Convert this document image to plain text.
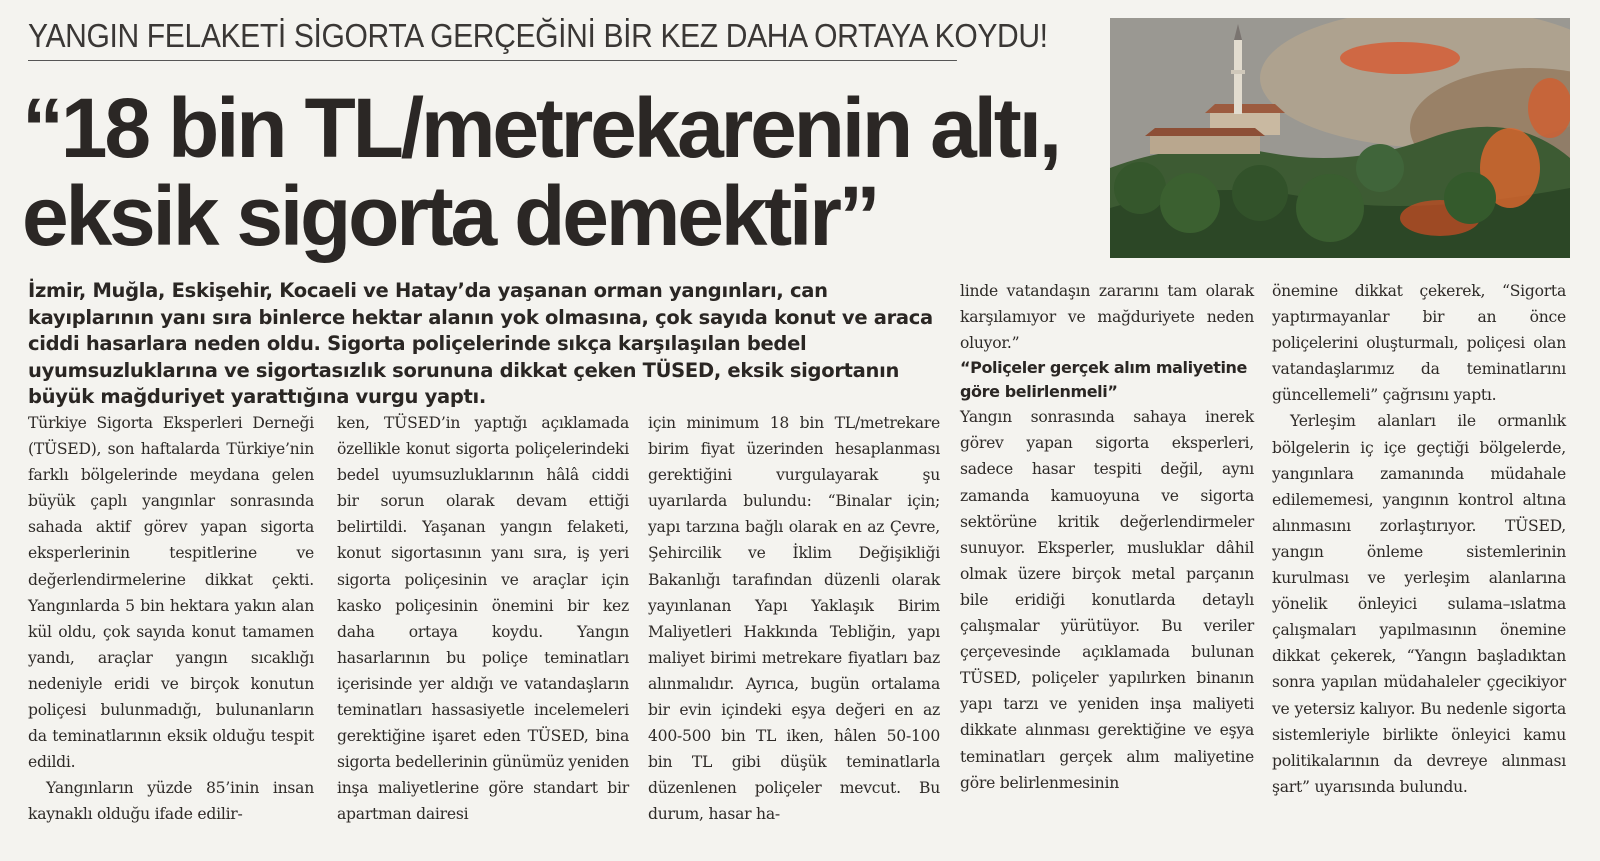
YANGIN FELAKETİ SİGORTA GERÇEĞİNİ BİR KEZ DAHA ORTAYA KOYDU!
“18 bin TL/metrekarenin altı,
eksik sigorta demektir”

İzmir, Muğla, Eskişehir, Kocaeli ve Hatay’da yaşanan orman yangınları, can kayıplarının yanı sıra binlerce hektar alanın yok olmasına, çok sayıda konut ve araca ciddi hasarlara neden oldu. Sigorta poliçelerinde sıkça karşılaşılan bedel uyumsuzluklarına ve sigortasızlık sorununa dikkat çeken TÜSED, eksik sigortanın büyük mağduriyet yarattığına vurgu yaptı.

Türkiye Sigorta Eksperleri Derneği (TÜSED), son haftalarda Türkiye’nin farklı bölgelerinde meydana gelen büyük çaplı yangınlar sonrasında sahada aktif görev yapan sigorta eksperlerinin tespitlerine ve değerlendirmelerine dikkat çekti. Yangınlarda 5 bin hektara yakın alan kül oldu, çok sayıda konut tamamen yandı, araçlar yangın sıcaklığı nedeniyle eridi ve birçok konutun poliçesi bulunmadığı, bulunanların da teminatlarının eksik olduğu tespit edildi.

Yangınların yüzde 85’inin insan kaynaklı olduğu ifade edilir-

ken, TÜSED’in yaptığı açıklamada özellikle konut sigorta poliçelerindeki bedel uyumsuzluklarının hâlâ ciddi bir sorun olarak devam ettiği belirtildi. Yaşanan yangın felaketi, konut sigortasının yanı sıra, iş yeri sigorta poliçesinin ve araçlar için kasko poliçesinin önemini bir kez daha ortaya koydu. Yangın hasarlarının bu poliçe teminatları içerisinde yer aldığı ve vatandaşların teminatları hassasiyetle incelemeleri gerektiğine işaret eden TÜSED, bina sigorta bedellerinin günümüz yeniden inşa maliyetlerine göre standart bir apartman dairesi

için minimum 18 bin TL/metrekare birim fiyat üzerinden hesaplanması gerektiğini vurgulayarak şu uyarılarda bulundu: “Binalar için; yapı tarzına bağlı olarak en az Çevre, Şehircilik ve İklim Değişikliği Bakanlığı tarafından düzenli olarak yayınlanan Yapı Yaklaşık Birim Maliyetleri Hakkında Tebliğin, yapı maliyet birimi metrekare fiyatları baz alınmalıdır. Ayrıca, bugün ortalama bir evin içindeki eşya değeri en az 400-500 bin TL iken, hâlen 50-100 bin TL gibi düşük teminatlarla düzenlenen poliçeler mevcut. Bu durum, hasar ha-

linde vatandaşın zararını tam olarak karşılamıyor ve mağduriyete neden oluyor.”

“Poliçeler gerçek alım maliyetine göre belirlenmeli”

Yangın sonrasında sahaya inerek görev yapan sigorta eksperleri, sadece hasar tespiti değil, aynı zamanda kamuoyuna ve sigorta sektörüne kritik değerlendirmeler sunuyor. Eksperler, musluklar dâhil olmak üzere birçok metal parçanın bile eridiği konutlarda detaylı çalışmalar yürütüyor. Bu veriler çerçevesinde açıklamada bulunan TÜSED, poliçeler yapılırken binanın yapı tarzı ve yeniden inşa maliyeti dikkate alınması gerektiğine ve eşya teminatları gerçek alım maliyetine göre belirlenmesinin

önemine dikkat çekerek, “Sigorta yaptırmayanlar bir an önce poliçelerini oluşturmalı, poliçesi olan vatandaşlarımız da teminatlarını güncellemeli” çağrısını yaptı.

Yerleşim alanları ile ormanlık bölgelerin iç içe geçtiği bölgelerde, yangınlara zamanında müdahale edilememesi, yangının kontrol altına alınmasını zorlaştırıyor. TÜSED, yangın önleme sistemlerinin kurulması ve yerleşim alanlarına yönelik önleyici sulama–ıslatma çalışmaları yapılmasının önemine dikkat çekerek, “Yangın başladıktan sonra yapılan müdahaleler çgecikiyor ve yetersiz kalıyor. Bu nedenle sigorta sistemleriyle birlikte önleyici kamu politikalarının da devreye alınması şart” uyarısında bulundu.
